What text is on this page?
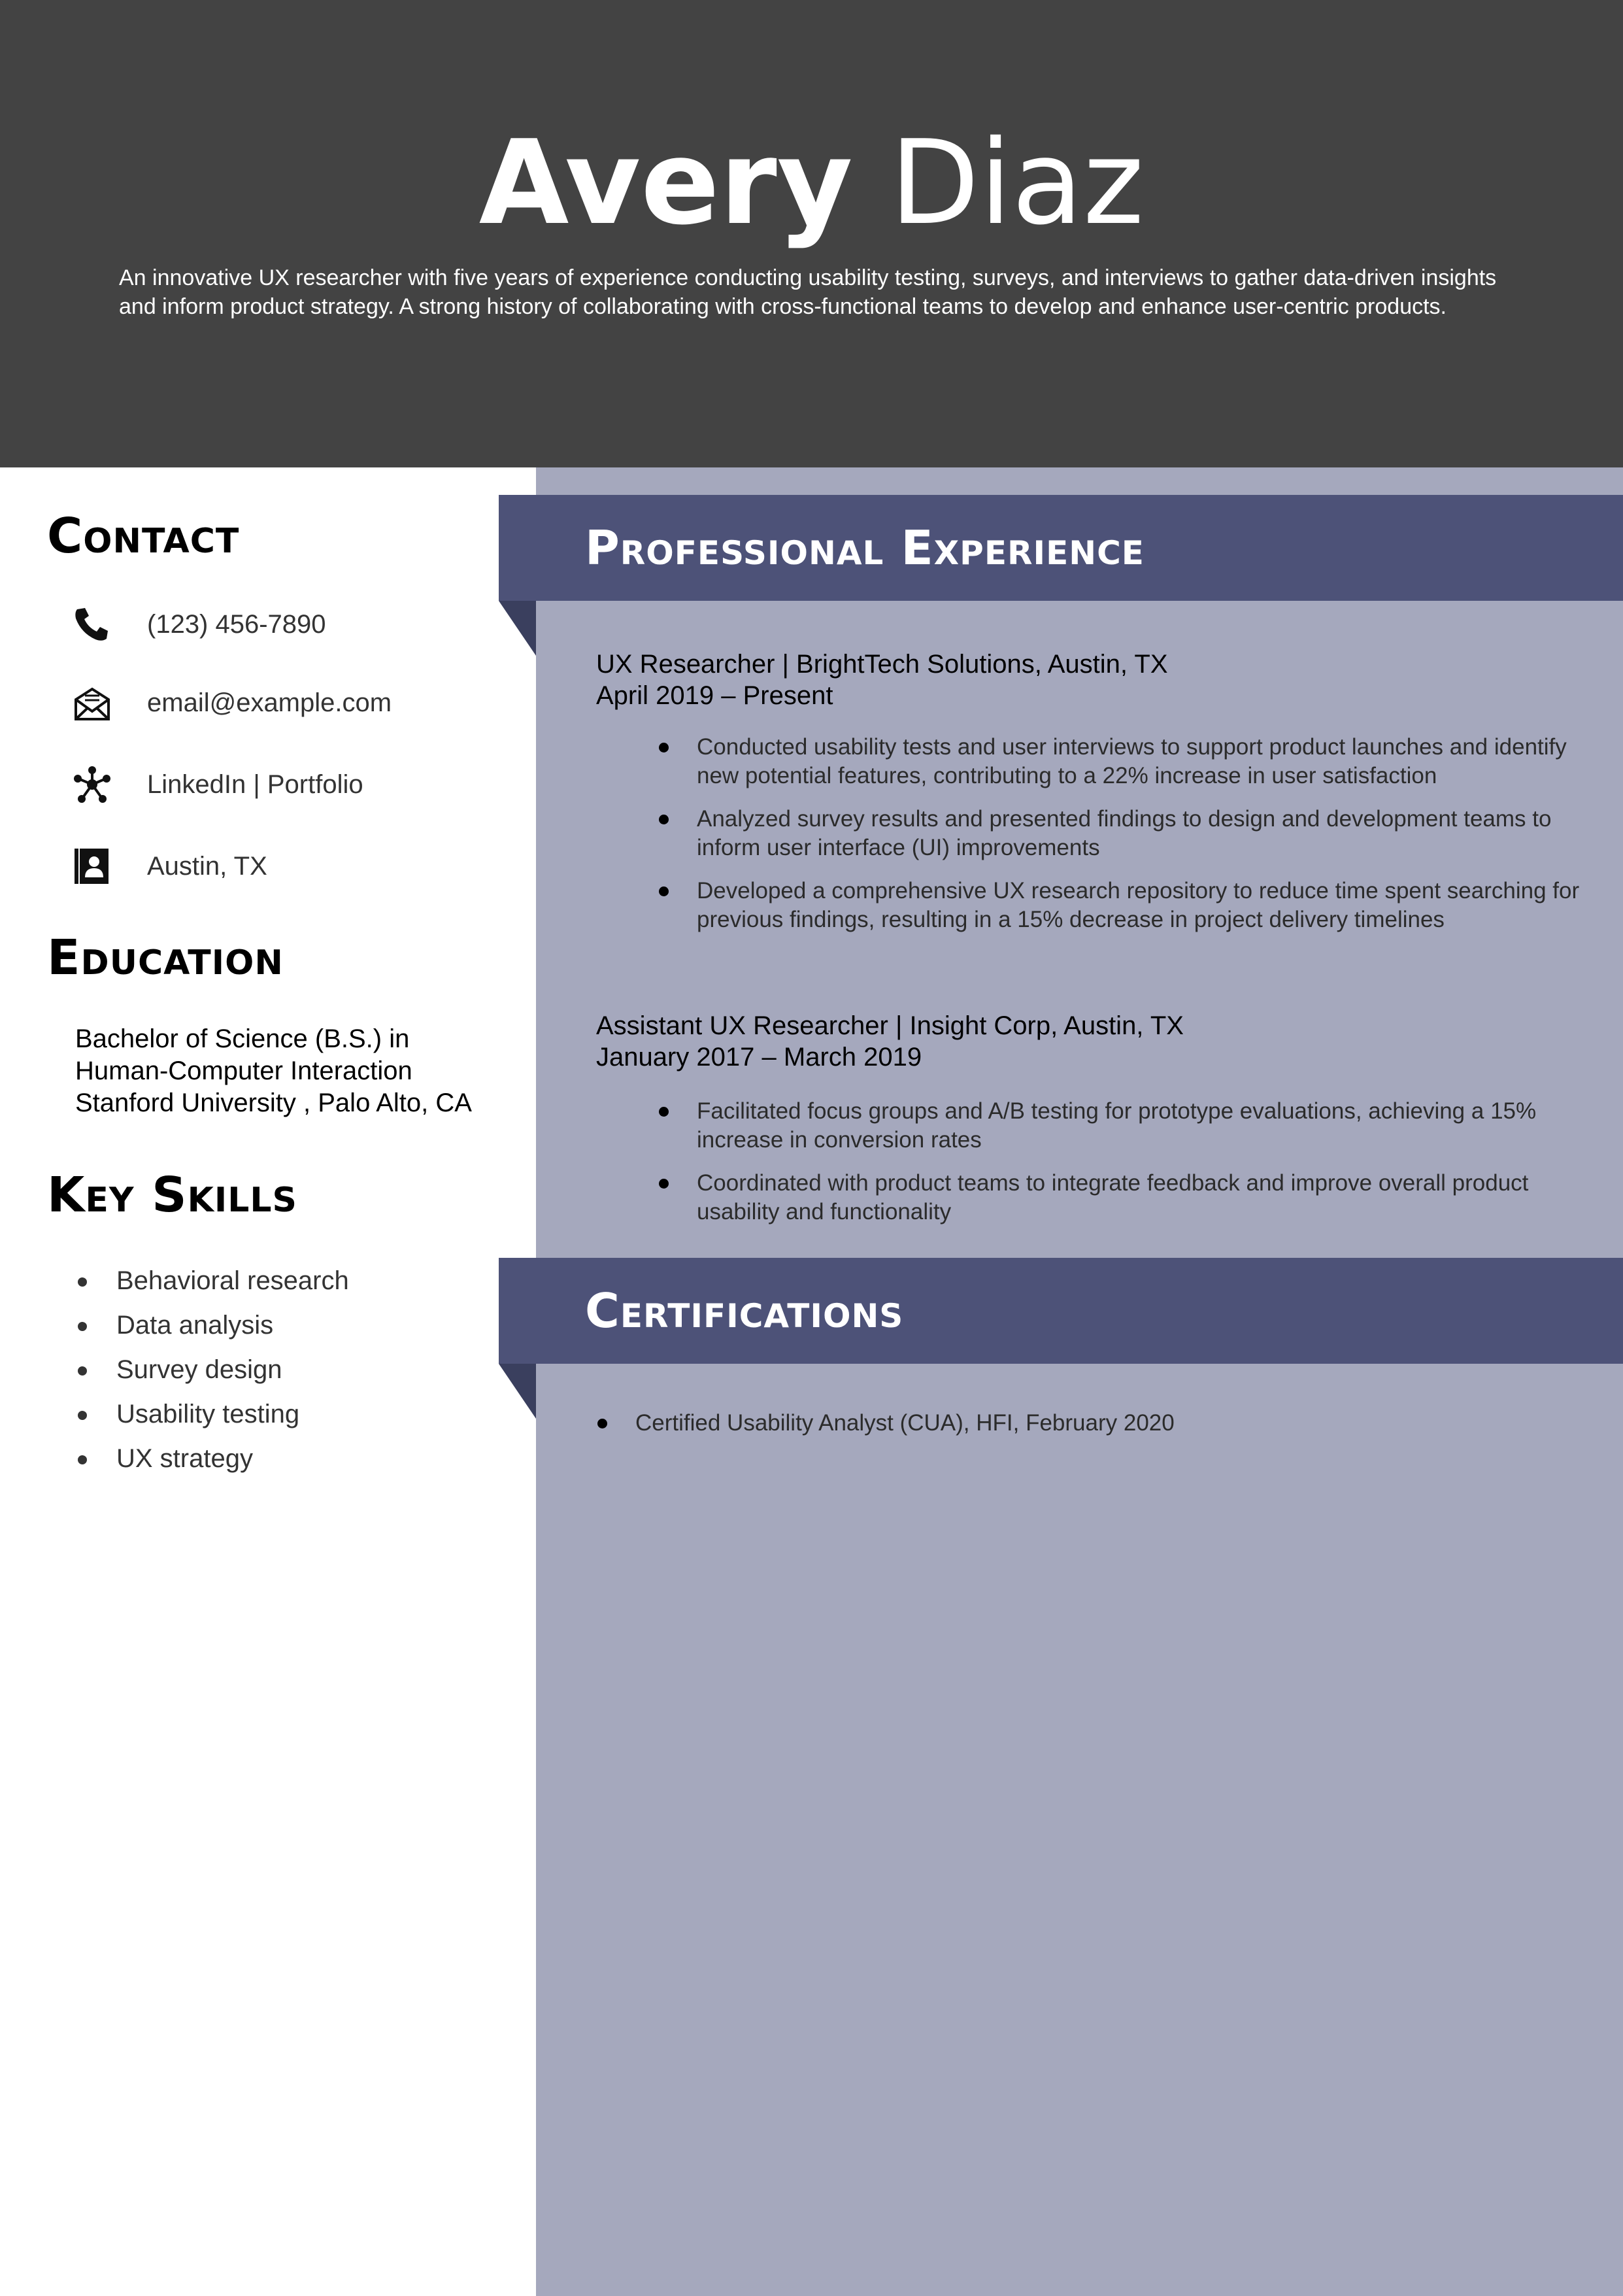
Avery Diaz
An innovative UX researcher with five years of experience conducting usability testing, surveys, and interviews to gather data-driven insights and inform product strategy. A strong history of collaborating with cross-functional teams to develop and enhance user-centric products.
Contact
(123) 456-7890
email@example.com
LinkedIn | Portfolio
Austin, TX
Education
Bachelor of Science (B.S.) in
Human-Computer Interaction
Stanford University , Palo Alto, CA
Key Skills
Behavioral research
Data analysis
Survey design
Usability testing
UX strategy
Professional Experience
UX Researcher | BrightTech Solutions, Austin, TX
April 2019 – Present
Conducted usability tests and user interviews to support product launches and identify new potential features, contributing to a 22% increase in user satisfaction
Analyzed survey results and presented findings to design and development teams to inform user interface (UI) improvements
Developed a comprehensive UX research repository to reduce time spent searching for previous findings, resulting in a 15% decrease in project delivery timelines
Assistant UX Researcher | Insight Corp, Austin, TX
January 2017 – March 2019
Facilitated focus groups and A/B testing for prototype evaluations, achieving a 15% increase in conversion rates
Coordinated with product teams to integrate feedback and improve overall product usability and functionality
Certifications
Certified Usability Analyst (CUA), HFI, February 2020
